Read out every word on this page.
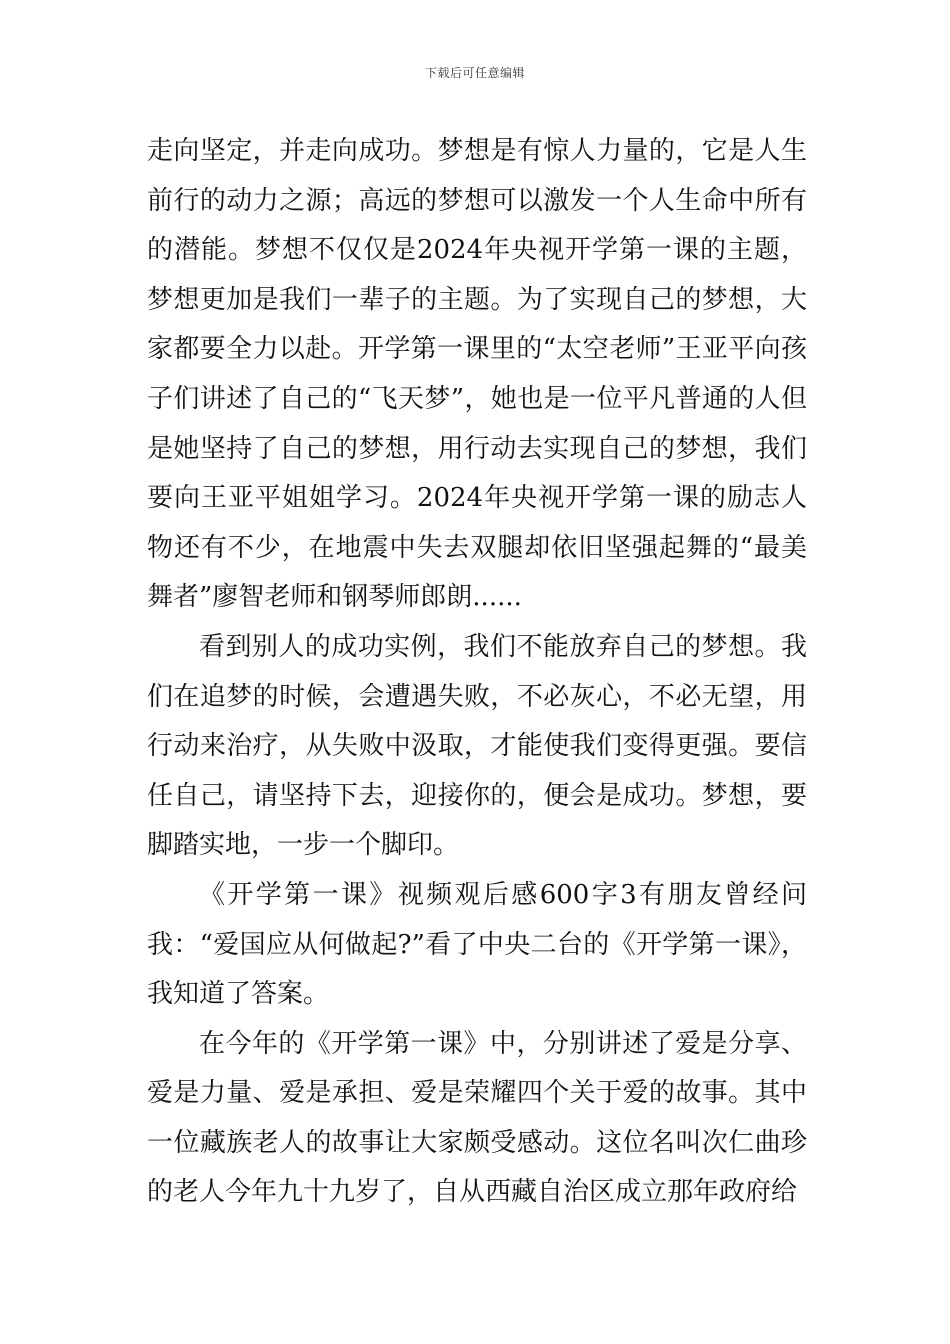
下载后可任意编辑

走向坚定，并走向成功。梦想是有惊人力量的，它是人生前行的动力之源；高远的梦想可以激发一个人生命中所有的潜能。梦想不仅仅是2024年央视开学第一课的主题，梦想更加是我们一辈子的主题。为了实现自己的梦想，大家都要全力以赴。开学第一课里的“太空老师”王亚平向孩子们讲述了自己的“飞天梦”，她也是一位平凡普通的人但是她坚持了自己的梦想，用行动去实现自己的梦想，我们要向王亚平姐姐学习。2024年央视开学第一课的励志人物还有不少，在地震中失去双腿却依旧坚强起舞的“最美舞者”廖智老师和钢琴师郎朗......

看到别人的成功实例，我们不能放弃自己的梦想。我们在追梦的时候，会遭遇失败，不必灰心，不必无望，用行动来治疗，从失败中汲取，才能使我们变得更强。要信任自己，请坚持下去，迎接你的，便会是成功。梦想，要脚踏实地，一步一个脚印。

《开学第一课》视频观后感600字3有朋友曾经问我：“爱国应从何做起?”看了中央二台的《开学第一课》，我知道了答案。

在今年的《开学第一课》中，分别讲述了爱是分享、爱是力量、爱是承担、爱是荣耀四个关于爱的故事。其中一位藏族老人的故事让大家颇受感动。这位名叫次仁曲珍的老人今年九十九岁了，自从西藏自治区成立那年政府给
